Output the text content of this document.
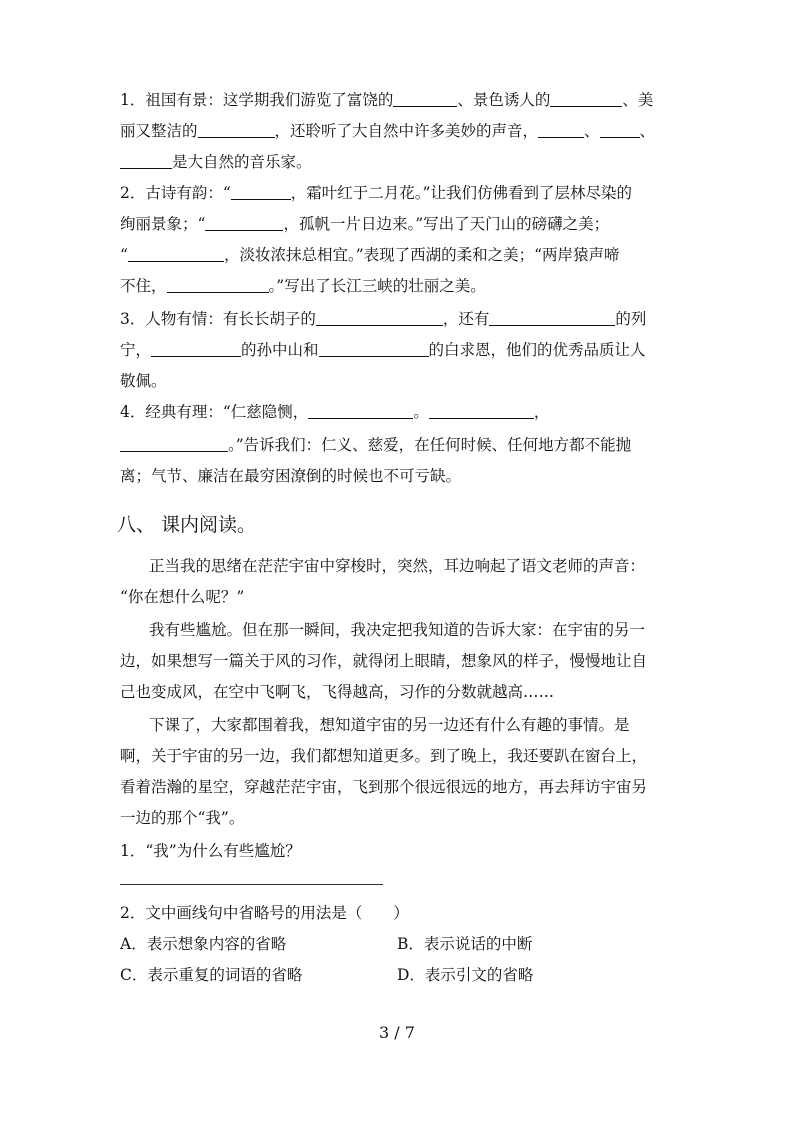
1．祖国有景：这学期我们游览了富饶的	、景色诱人的	、美
丽又整洁的	，还聆听了大自然中许多美妙的声音，	、	、
是大自然的音乐家。
2．古诗有韵：“	，霜叶红于二月花。”让我们仿佛看到了层林尽染的
绚丽景象；“	，孤帆一片日边来。”写出了天门山的磅礴之美；
“	，淡妆浓抹总相宜。”表现了西湖的柔和之美；“两岸猿声啼
不住，	。”写出了长江三峡的壮丽之美。
3．人物有情：有长长胡子的	，还有	的列
宁，	的孙中山和	的白求恩，他们的优秀品质让人
敬佩。
4．经典有理：“仁慈隐恻，	。	，
。”告诉我们：仁义、慈爱，在任何时候、任何地方都不能抛
离；气节、廉洁在最穷困潦倒的时候也不可亏缺。
八、 课内阅读。
正当我的思绪在茫茫宇宙中穿梭时，突然，耳边响起了语文老师的声音：
“你在想什么呢？”
我有些尴尬。但在那一瞬间，我决定把我知道的告诉大家：在宇宙的另一
边，如果想写一篇关于风的习作，就得闭上眼睛，想象风的样子，慢慢地让自
己也变成风，在空中飞啊飞，飞得越高，习作的分数就越高……
下课了，大家都围着我，想知道宇宙的另一边还有什么有趣的事情。是
啊，关于宇宙的另一边，我们都想知道更多。到了晚上，我还要趴在窗台上，
看着浩瀚的星空，穿越茫茫宇宙，飞到那个很远很远的地方，再去拜访宇宙另
一边的那个“我”。
1．“我”为什么有些尴尬？
2．文中画线句中省略号的用法是（　　）
A．表示想象内容的省略	B．表示说话的中断
C．表示重复的词语的省略	D．表示引文的省略
3 / 7
